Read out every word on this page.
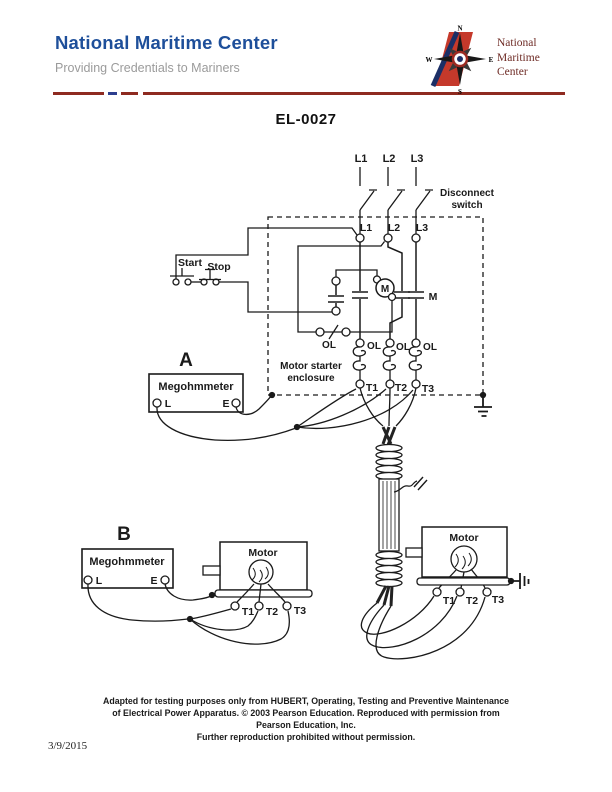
National Maritime Center
Providing Credentials to Mariners
N
S
W	E
National
Maritime
Center
EL-0027
L1 L2 L3
Disconnect
switch
Motor starter
enclosure
L1 L2 L3
M
OL OL OL
T1 T2 T3
Start Stop
M
OL
A
Megohmmeter
L	E
Motor
T1 T2 T3
B
Megohmmeter
L	E
Motor
T1 T2 T3
Adapted for testing purposes only from HUBERT, Operating, Testing and Preventive Maintenance
of Electrical Power Apparatus. © 2003 Pearson Education. Reproduced with permission from
Pearson Education, Inc.
Further reproduction prohibited without permission.
3/9/2015
